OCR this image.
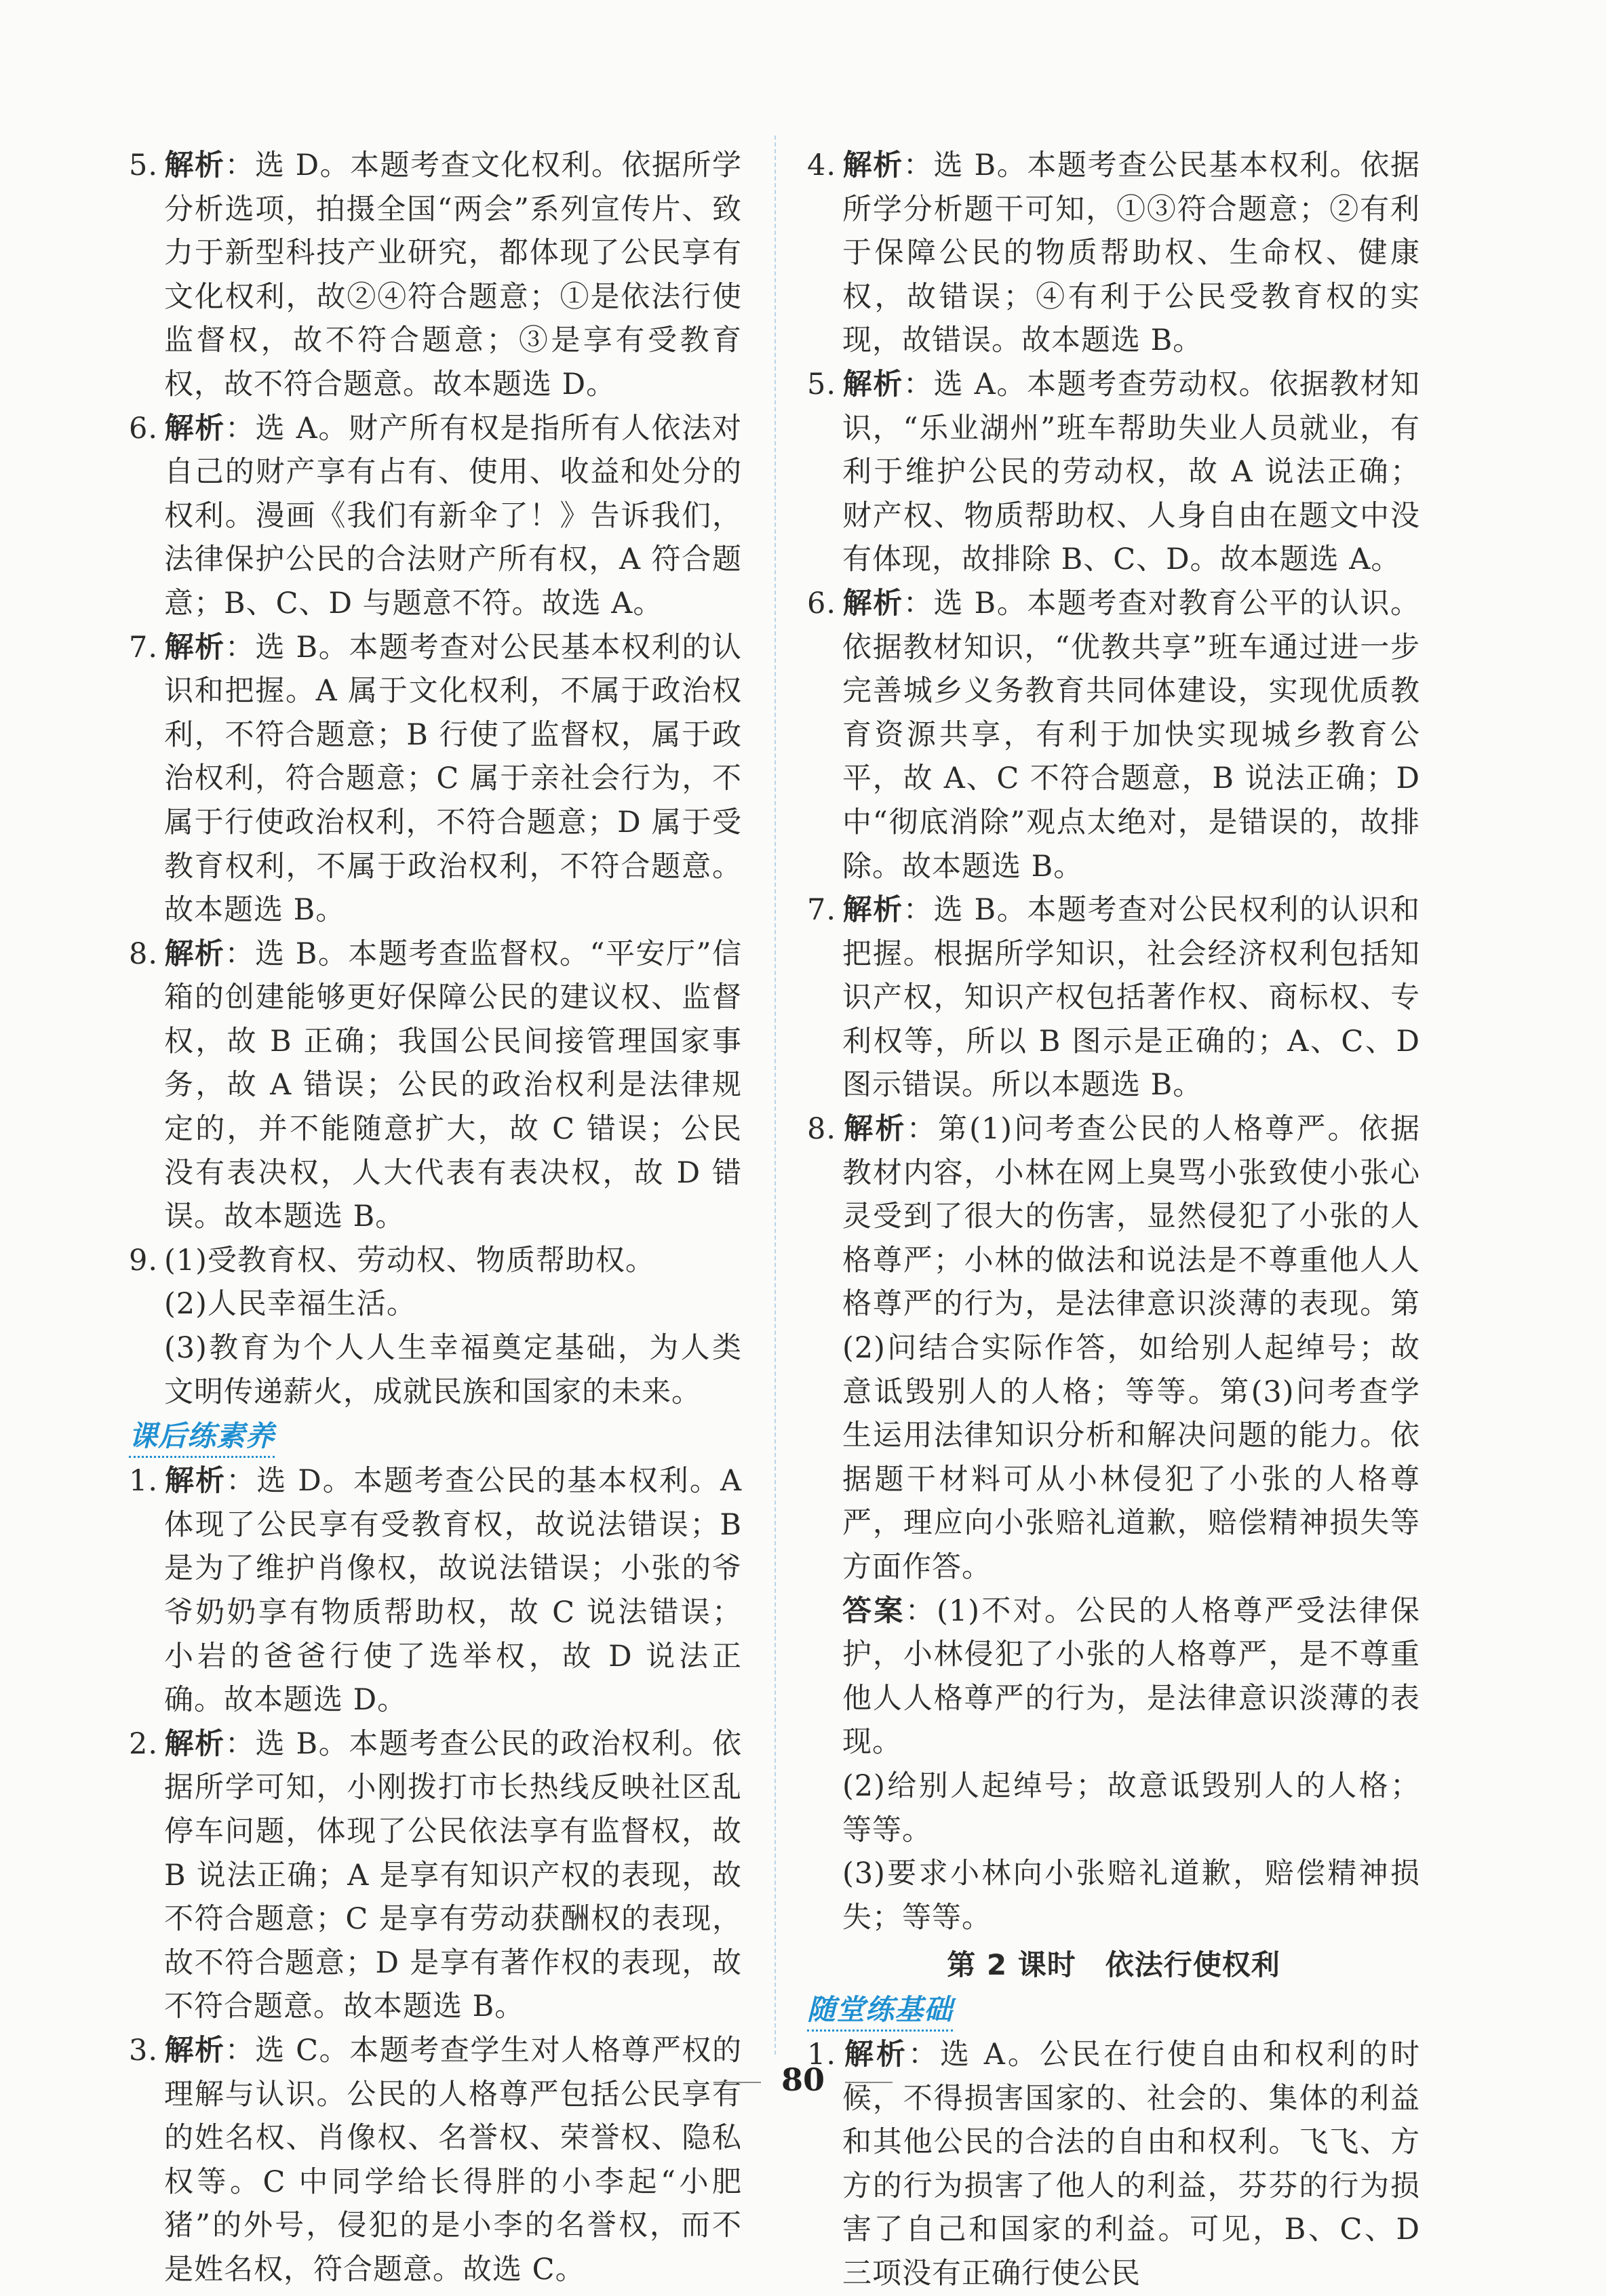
5. 解析：选 D。本题考查文化权利。依据所学分析选项，拍摄全国“两会”系列宣传片、致力于新型科技产业研究，都体现了公民享有文化权利，故②④符合题意；①是依法行使监督权，故不符合题意；③是享有受教育权，故不符合题意。故本题选 D。
6. 解析：选 A。财产所有权是指所有人依法对自己的财产享有占有、使用、收益和处分的权利。漫画《我们有新伞了！》告诉我们，法律保护公民的合法财产所有权，A 符合题意；B、C、D 与题意不符。故选 A。
7. 解析：选 B。本题考查对公民基本权利的认识和把握。A 属于文化权利，不属于政治权利，不符合题意；B 行使了监督权，属于政治权利，符合题意；C 属于亲社会行为，不属于行使政治权利，不符合题意；D 属于受教育权利，不属于政治权利，不符合题意。故本题选 B。
8. 解析：选 B。本题考查监督权。“平安厅”信箱的创建能够更好保障公民的建议权、监督权，故 B 正确；我国公民间接管理国家事务，故 A 错误；公民的政治权利是法律规定的，并不能随意扩大，故 C 错误；公民没有表决权，人大代表有表决权，故 D 错误。故本题选 B。
9. (1)受教育权、劳动权、物质帮助权。
(2)人民幸福生活。
(3)教育为个人人生幸福奠定基础，为人类文明传递薪火，成就民族和国家的未来。
课后练素养
1. 解析：选 D。本题考查公民的基本权利。A 体现了公民享有受教育权，故说法错误；B 是为了维护肖像权，故说法错误；小张的爷爷奶奶享有物质帮助权，故 C 说法错误；小岩的爸爸行使了选举权，故 D 说法正确。故本题选 D。
2. 解析：选 B。本题考查公民的政治权利。依据所学可知，小刚拨打市长热线反映社区乱停车问题，体现了公民依法享有监督权，故 B 说法正确；A 是享有知识产权的表现，故不符合题意；C 是享有劳动获酬权的表现，故不符合题意；D 是享有著作权的表现，故不符合题意。故本题选 B。
3. 解析：选 C。本题考查学生对人格尊严权的理解与认识。公民的人格尊严包括公民享有的姓名权、肖像权、名誉权、荣誉权、隐私权等。C 中同学给长得胖的小李起“小肥猪”的外号，侵犯的是小李的名誉权，而不是姓名权，符合题意。故选 C。
4. 解析：选 B。本题考查公民基本权利。依据所学分析题干可知，①③符合题意；②有利于保障公民的物质帮助权、生命权、健康权，故错误；④有利于公民受教育权的实现，故错误。故本题选 B。
5. 解析：选 A。本题考查劳动权。依据教材知识，“乐业湖州”班车帮助失业人员就业，有利于维护公民的劳动权，故 A 说法正确；财产权、物质帮助权、人身自由在题文中没有体现，故排除 B、C、D。故本题选 A。
6. 解析：选 B。本题考查对教育公平的认识。依据教材知识，“优教共享”班车通过进一步完善城乡义务教育共同体建设，实现优质教育资源共享，有利于加快实现城乡教育公平，故 A、C 不符合题意，B 说法正确；D 中“彻底消除”观点太绝对，是错误的，故排除。故本题选 B。
7. 解析：选 B。本题考查对公民权利的认识和把握。根据所学知识，社会经济权利包括知识产权，知识产权包括著作权、商标权、专利权等，所以 B 图示是正确的；A、C、D 图示错误。所以本题选 B。
8. 解析：第(1)问考查公民的人格尊严。依据教材内容，小林在网上臭骂小张致使小张心灵受到了很大的伤害，显然侵犯了小张的人格尊严；小林的做法和说法是不尊重他人人格尊严的行为，是法律意识淡薄的表现。第(2)问结合实际作答，如给别人起绰号；故意诋毁别人的人格；等等。第(3)问考查学生运用法律知识分析和解决问题的能力。依据题干材料可从小林侵犯了小张的人格尊严，理应向小张赔礼道歉，赔偿精神损失等方面作答。
答案：(1)不对。公民的人格尊严受法律保护，小林侵犯了小张的人格尊严，是不尊重他人人格尊严的行为，是法律意识淡薄的表现。
(2)给别人起绰号；故意诋毁别人的人格；等等。
(3)要求小林向小张赔礼道歉，赔偿精神损失；等等。
第 2 课时　依法行使权利
随堂练基础
1. 解析：选 A。公民在行使自由和权利的时候，不得损害国家的、社会的、集体的利益和其他公民的合法的自由和权利。飞飞、方方的行为损害了他人的利益，芬芬的行为损害了自己和国家的利益。可见，B、C、D 三项没有正确行使公民
80
